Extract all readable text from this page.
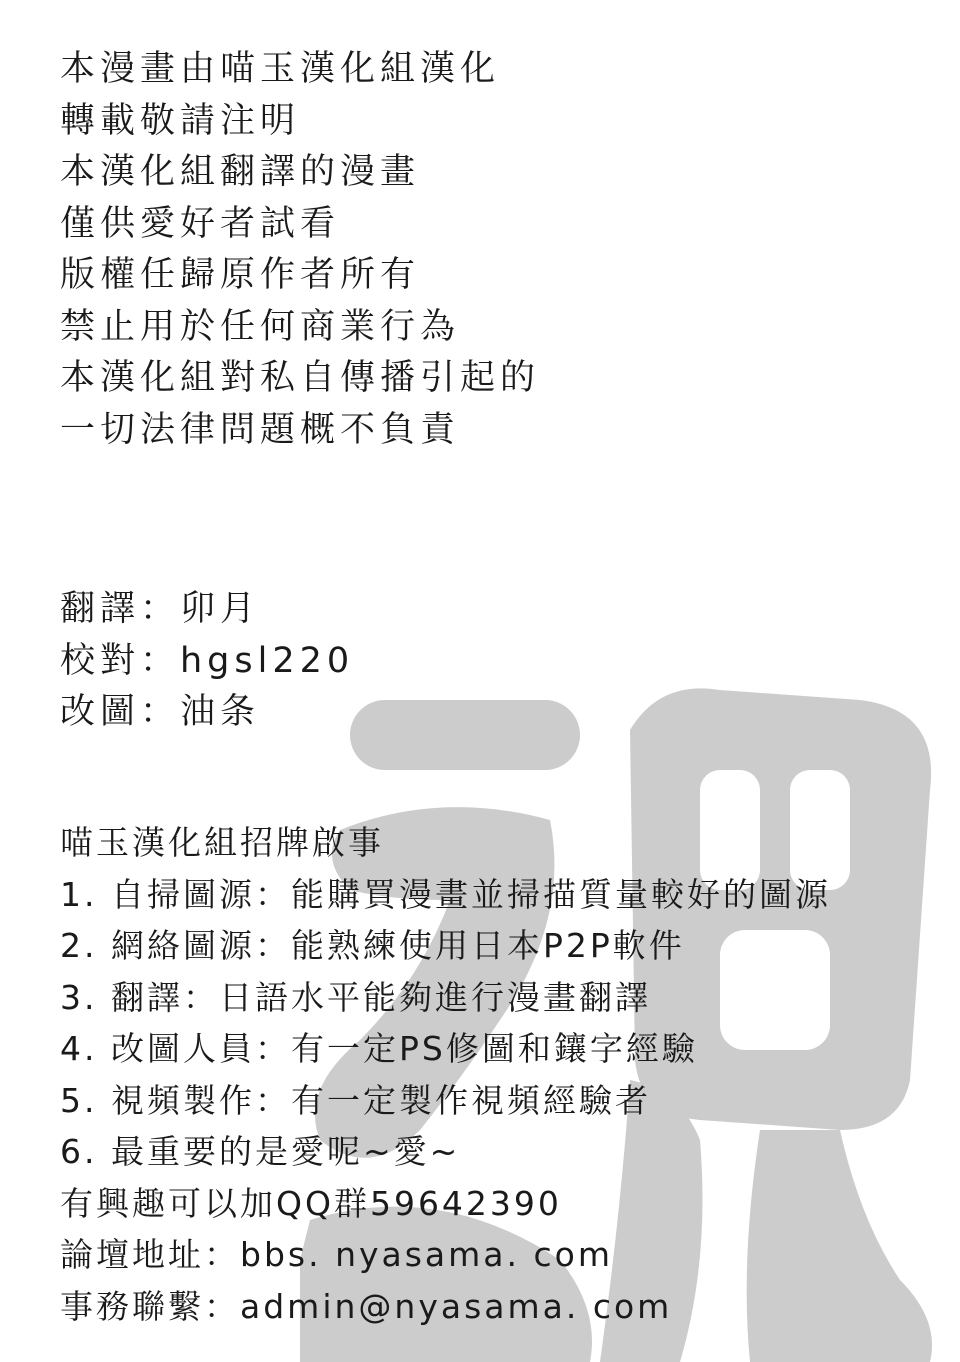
本漫畫由喵玉漢化組漢化
轉載敬請注明
本漢化組翻譯的漫畫
僅供愛好者試看
版權任歸原作者所有
禁止用於任何商業行為
本漢化組對私自傳播引起的
一切法律問題概不負責
翻譯：卯月
校對：hgsl220
改圖：油条
喵玉漢化組招牌啟事
1. 自掃圖源：能購買漫畫並掃描質量較好的圖源
2. 網絡圖源：能熟練使用日本P2P軟件
3. 翻譯：日語水平能夠進行漫畫翻譯
4. 改圖人員：有一定PS修圖和鑲字經驗
5. 視頻製作：有一定製作視頻經驗者
6. 最重要的是愛呢~愛~
有興趣可以加QQ群59642390
論壇地址：bbs. nyasama. com
事務聯繫：admin@nyasama. com
